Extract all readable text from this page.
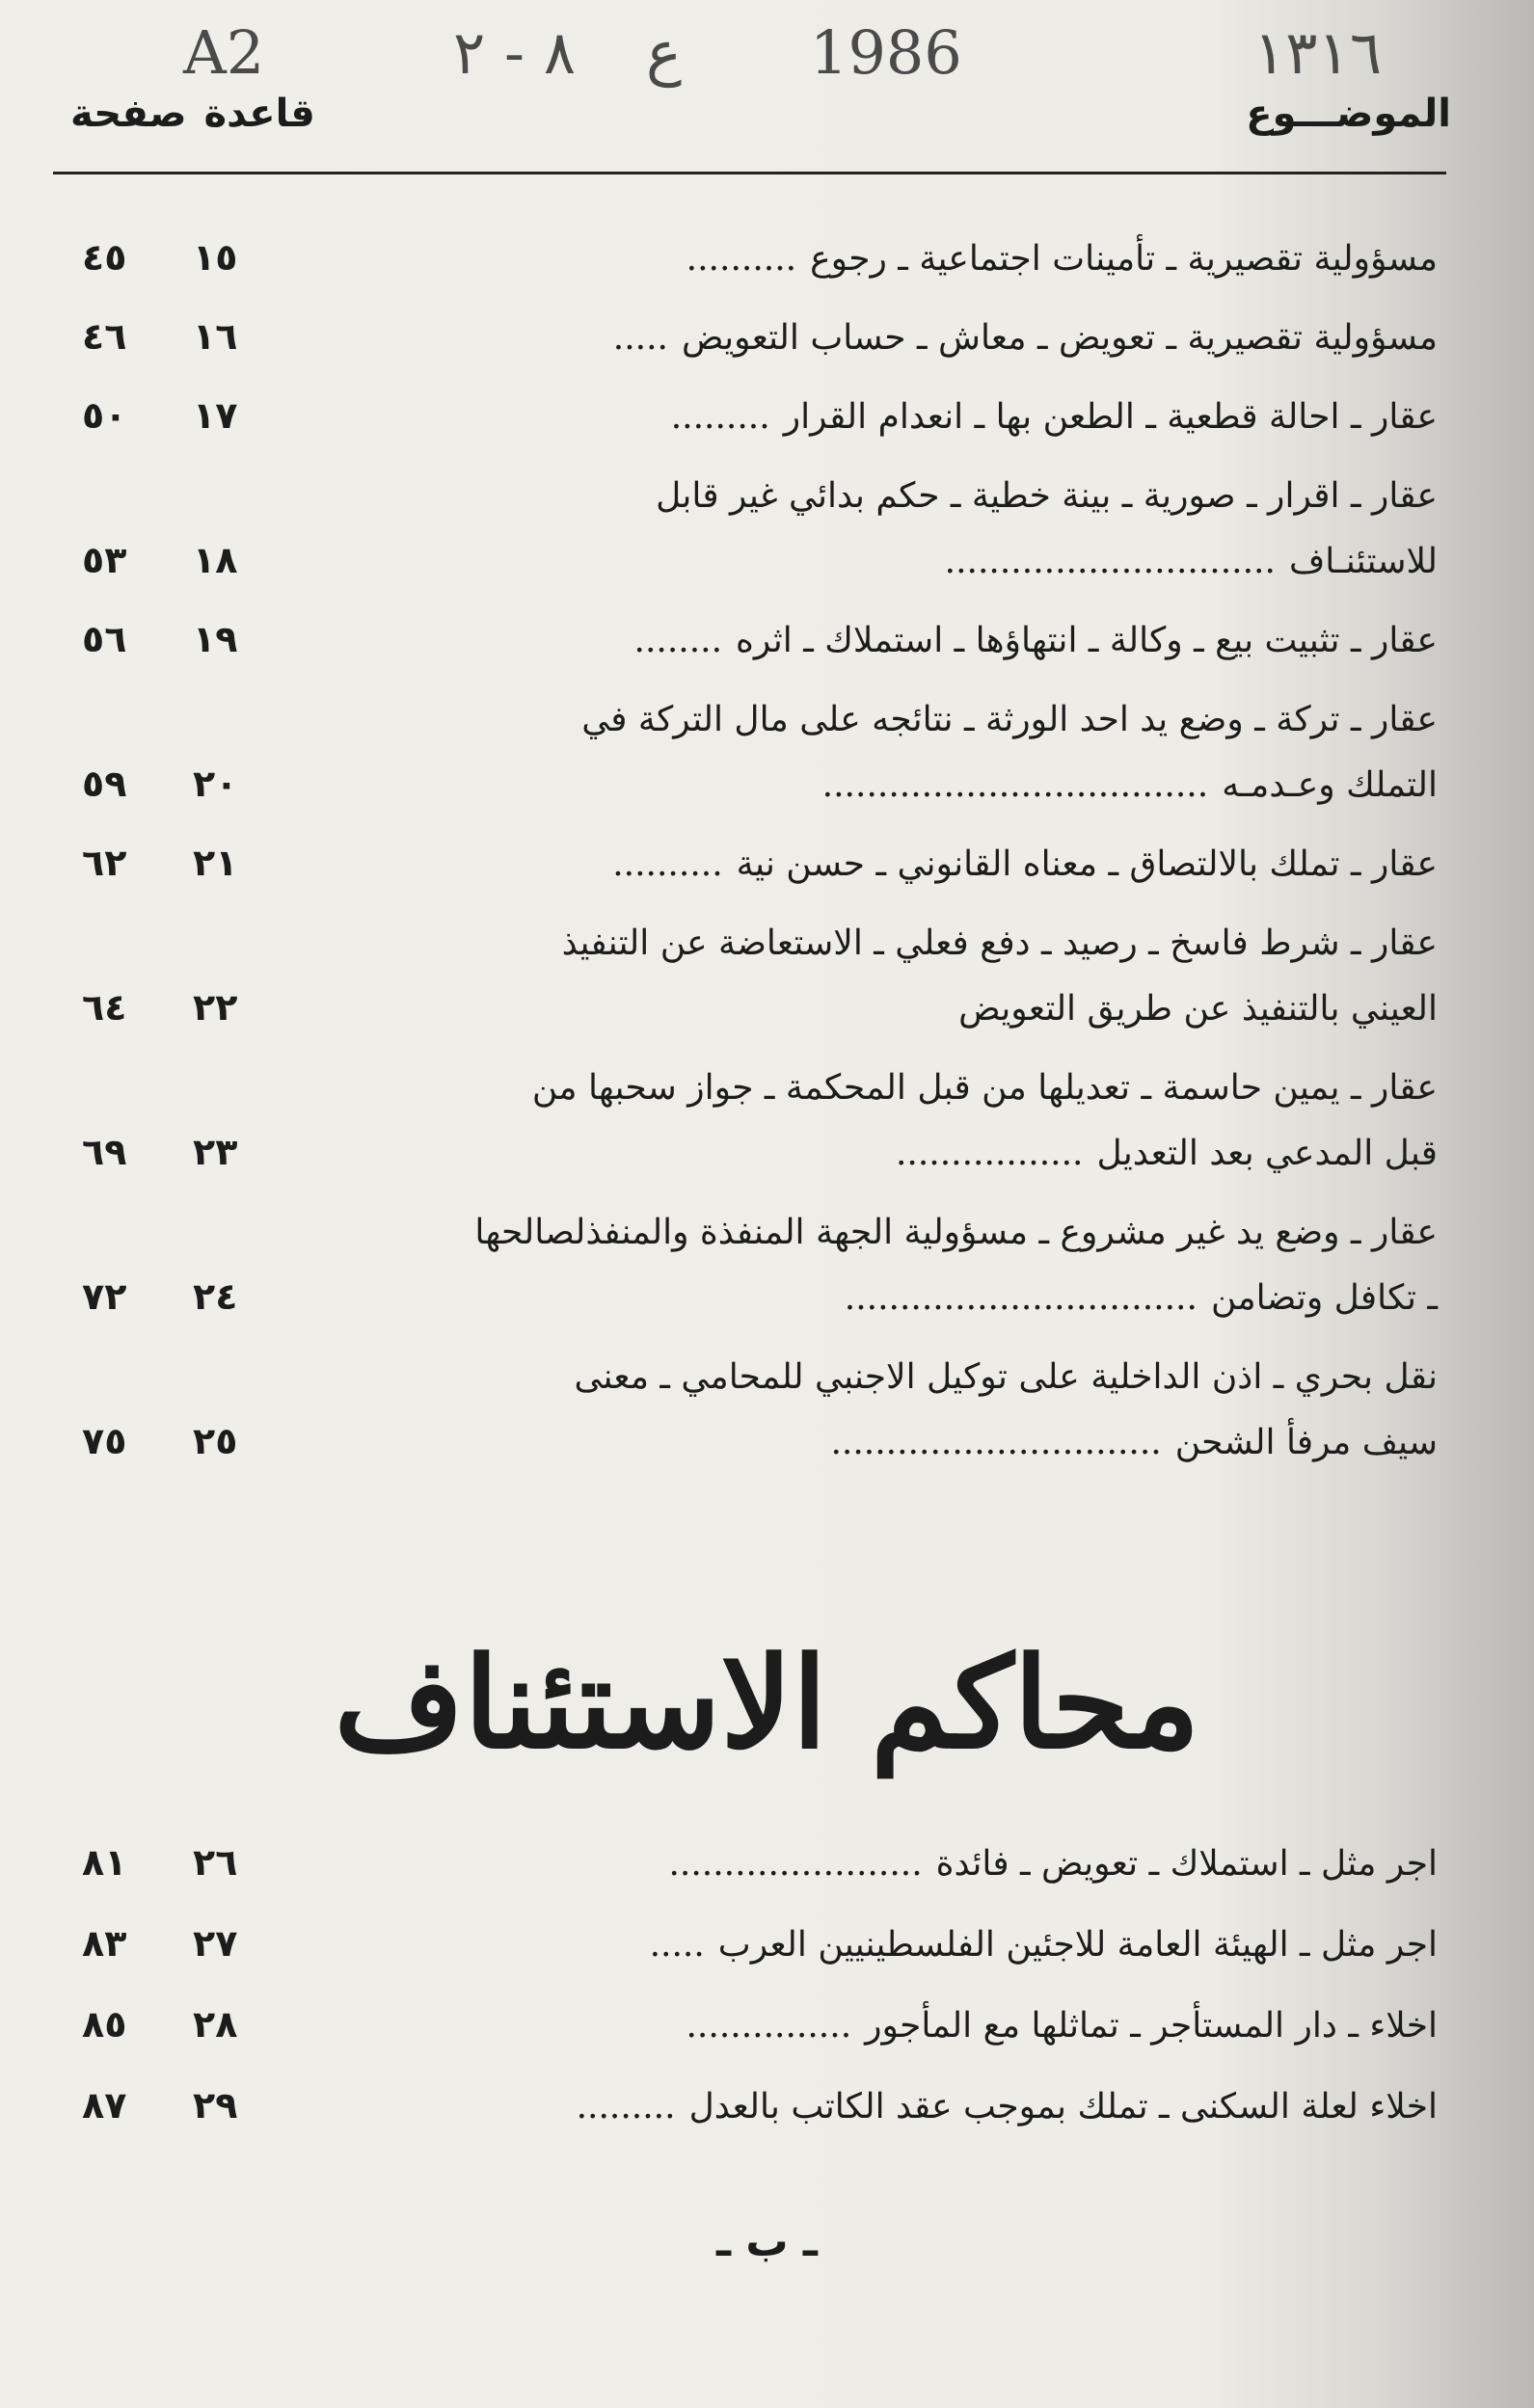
A2	٨ - ٢ ع 1986	١٣١٦
الموضـــوع
قاعدةصفحة
مسؤولية تقصيرية ـ تأمينات اجتماعية ـ رجوع..........
١٥
٤٥
مسؤولية تقصيرية ـ تعويض ـ معاش ـ حساب التعويض.....
١٦
٤٦
عقار ـ احالة قطعية ـ الطعن بها ـ انعدام القرار.........
١٧
٥٠
عقار ـ اقرار ـ صورية ـ بينة خطية ـ حكم بدائي غير قابل
للاستئنـاف..............................
١٨
٥٣
عقار ـ تثبيت بيع ـ وكالة ـ انتهاؤها ـ استملاك ـ اثره........
١٩
٥٦
عقار ـ تركة ـ وضع يد احد الورثة ـ نتائجه على مال التركة في
التملك وعـدمـه...................................
٢٠
٥٩
عقار ـ تملك بالالتصاق ـ معناه القانوني ـ حسن نية..........
٢١
٦٢
عقار ـ شرط فاسخ ـ رصيد ـ دفع فعلي ـ الاستعاضة عن التنفيذ
العيني بالتنفيذ عن طريق التعويض
٢٢
٦٤
عقار ـ يمين حاسمة ـ تعديلها من قبل المحكمة ـ جواز سحبها من
قبل المدعي بعد التعديل.................
٢٣
٦٩
عقار ـ وضع يد غير مشروع ـ مسؤولية الجهة المنفذة والمنفذلصالحها
ـ تكافل وتضامن................................
٢٤
٧٢
نقل بحري ـ اذن الداخلية على توكيل الاجنبي للمحامي ـ معنى
سيف مرفأ الشحن..............................
٢٥
٧٥
محاكم الاستئناف
اجر مثل ـ استملاك ـ تعويض ـ فائدة.......................
٢٦
٨١
اجر مثل ـ الهيئة العامة للاجئين الفلسطينيين العرب.....
٢٧
٨٣
اخلاء ـ دار المستأجر ـ تماثلها مع المأجور...............
٢٨
٨٥
اخلاء لعلة السكنى ـ تملك بموجب عقد الكاتب بالعدل.........
٢٩
٨٧
ـ ب ـ
